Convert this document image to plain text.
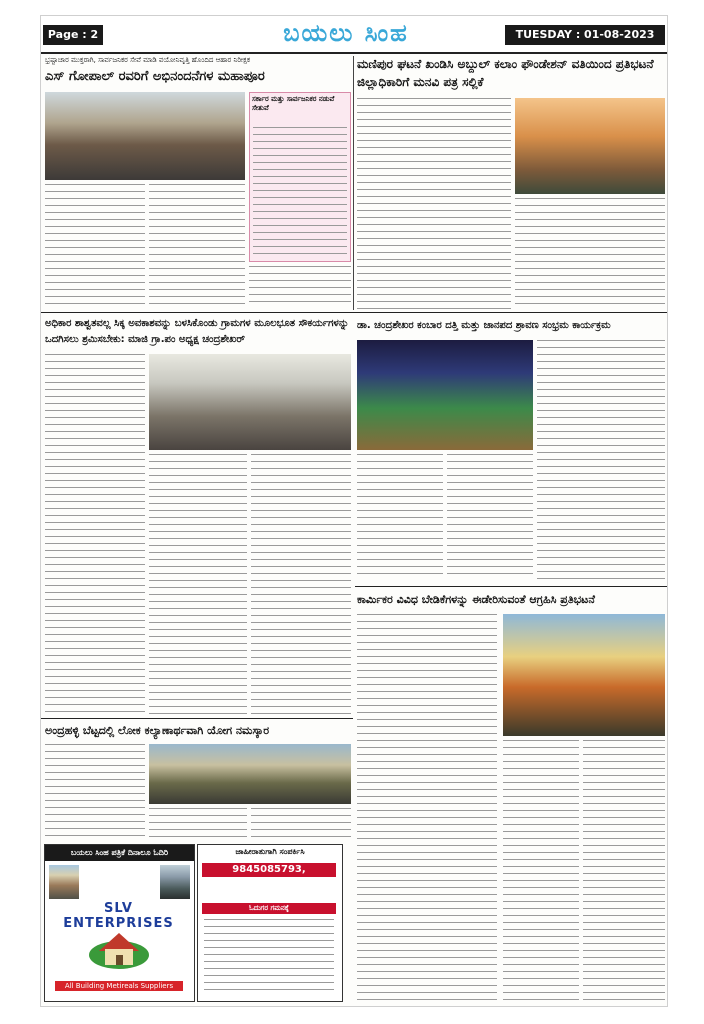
Page : 2	ಬಯಲು ಸಿಂಹ	TUESDAY : 01-08-2023
ಭ್ರಷ್ಟಾಚಾರ ಮುಕ್ತರಾಗಿ, ಸಾರ್ವಜನಿಕರ ಸೇವೆ ಮಾಡಿ ವಯೋನಿವೃತ್ತಿ ಹೊಂದಿದ ಆಹಾರ ನಿರೀಕ್ಷಕ
ಎಸ್ ಗೋಪಾಲ್ ರವರಿಗೆ ಅಭಿನಂದನೆಗಳ ಮಹಾಪೂರ
ಸರ್ಕಾರ ಮತ್ತು ಸಾರ್ವಜನಿಕರ ನಡುವೆ ಸೇತುವೆ
ಮಣಿಪುರ ಘಟನೆ ಖಂಡಿಸಿ ಅಬ್ದುಲ್ ಕಲಾಂ ಫೌಂಡೇಶನ್ ವತಿಯಿಂದ ಪ್ರತಿಭಟನೆ ಜಿಲ್ಲಾಧಿಕಾರಿಗೆ ಮನವಿ ಪತ್ರ ಸಲ್ಲಿಕೆ
ಅಧಿಕಾರ ಶಾಶ್ವತವಲ್ಲ ಸಿಕ್ಕ ಅವಕಾಶವನ್ನು ಬಳಸಿಕೊಂಡು ಗ್ರಾಮಗಳ ಮೂಲಭೂತ ಸೌಕರ್ಯಗಳನ್ನು ಒದಗಿಸಲು ಶ್ರಮಿಸಬೇಕು: ಮಾಜಿ ಗ್ರಾ.ಪಂ ಅಧ್ಯಕ್ಷ ಚಂದ್ರಶೇಖರ್
ಡಾ. ಚಂದ್ರಶೇಖರ ಕಂಬಾರ ದತ್ತಿ ಮತ್ತು ಜಾನಪದ ಶ್ರಾವಣ ಸಂಭ್ರಮ ಕಾರ್ಯಕ್ರಮ
ಕಾರ್ಮಿಕರ ವಿವಿಧ ಬೇಡಿಕೆಗಳನ್ನು ಈಡೇರಿಸುವಂತೆ ಆಗ್ರಹಿಸಿ ಪ್ರತಿಭಟನೆ
ಅಂದ್ರಹಳ್ಳಿ ಬೆಟ್ಟದಲ್ಲಿ ಲೋಕ ಕಲ್ಯಾಣಾರ್ಥವಾಗಿ ಯೋಗ ನಮಸ್ಕಾರ
ಬಯಲು ಸಿಂಹ ಪತ್ರಿಕೆ ದಿನಾಲೂ ಓದಿರಿ
SLV ENTERPRISES
All Building Metireals Suppliers
ಜಾಹೀರಾತುಗಾಗಿ ಸಂಪರ್ಕಿಸಿ
9845085793, 9035282296
ಓದುಗರ ಗಮನಕ್ಕೆ
